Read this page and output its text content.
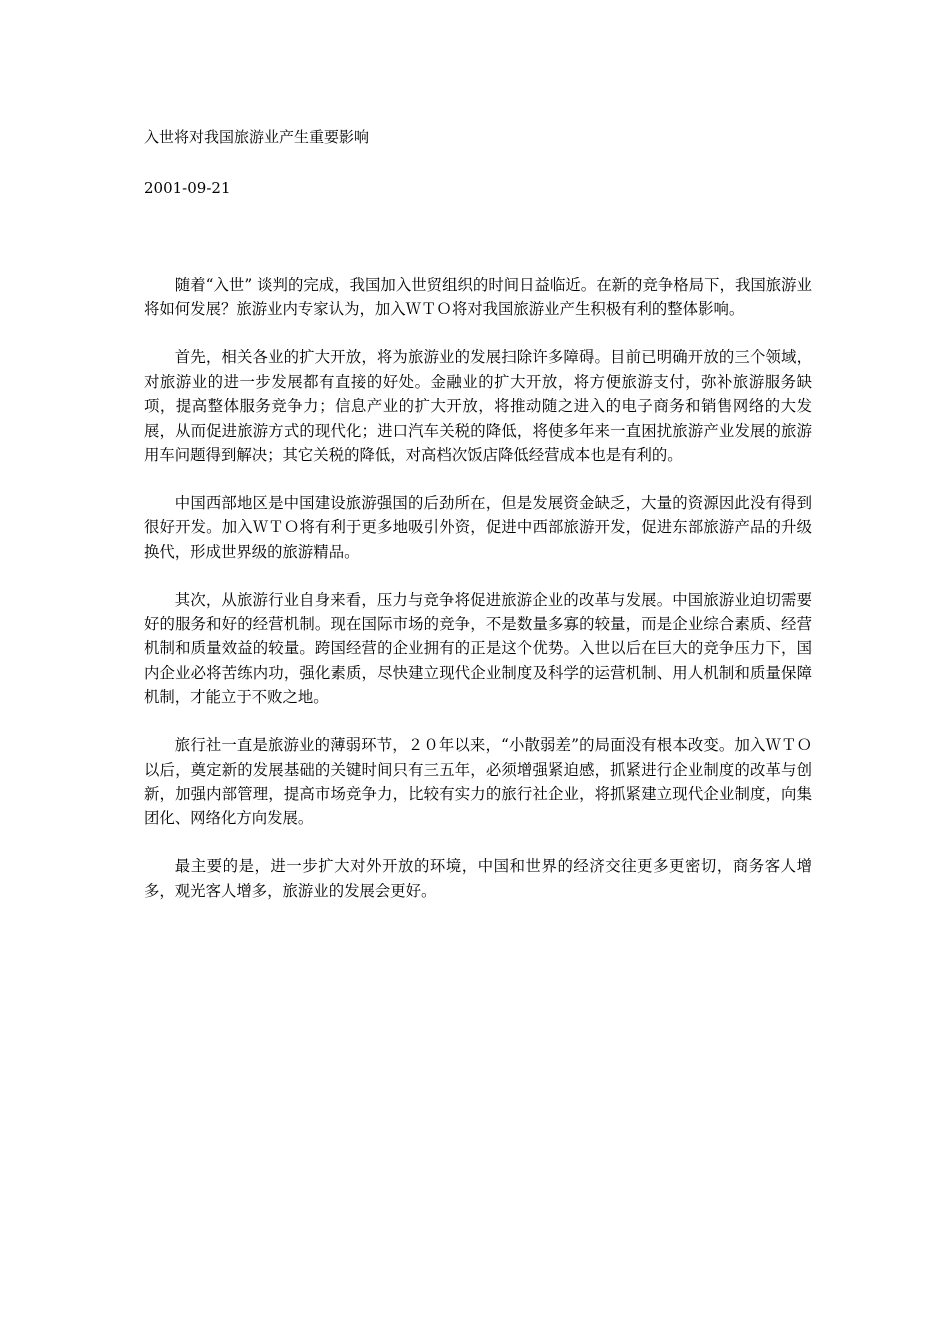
入世将对我国旅游业产生重要影响
2001-09-21

随着“入世” 谈判的完成，我国加入世贸组织的时间日益临近。在新的竞争格局下，我国旅游业将如何发展？旅游业内专家认为，加入ＷＴＯ将对我国旅游业产生积极有利的整体影响。

首先，相关各业的扩大开放，将为旅游业的发展扫除许多障碍。目前已明确开放的三个领域，对旅游业的进一步发展都有直接的好处。金融业的扩大开放，将方便旅游支付，弥补旅游服务缺项，提高整体服务竞争力；信息产业的扩大开放，将推动随之进入的电子商务和销售网络的大发展，从而促进旅游方式的现代化；进口汽车关税的降低，将使多年来一直困扰旅游产业发展的旅游用车问题得到解决；其它关税的降低，对高档次饭店降低经营成本也是有利的。

中国西部地区是中国建设旅游强国的后劲所在，但是发展资金缺乏，大量的资源因此没有得到很好开发。加入ＷＴＯ将有利于更多地吸引外资，促进中西部旅游开发，促进东部旅游产品的升级换代，形成世界级的旅游精品。

其次，从旅游行业自身来看，压力与竞争将促进旅游企业的改革与发展。中国旅游业迫切需要好的服务和好的经营机制。现在国际市场的竞争，不是数量多寡的较量，而是企业综合素质、经营机制和质量效益的较量。跨国经营的企业拥有的正是这个优势。入世以后在巨大的竞争压力下，国内企业必将苦练内功，强化素质，尽快建立现代企业制度及科学的运营机制、用人机制和质量保障机制，才能立于不败之地。

旅行社一直是旅游业的薄弱环节，２０年以来，“小散弱差”的局面没有根本改变。加入ＷＴＯ以后，奠定新的发展基础的关键时间只有三五年，必须增强紧迫感，抓紧进行企业制度的改革与创新，加强内部管理，提高市场竞争力，比较有实力的旅行社企业，将抓紧建立现代企业制度，向集团化、网络化方向发展。

最主要的是，进一步扩大对外开放的环境，中国和世界的经济交往更多更密切，商务客人增多，观光客人增多，旅游业的发展会更好。
